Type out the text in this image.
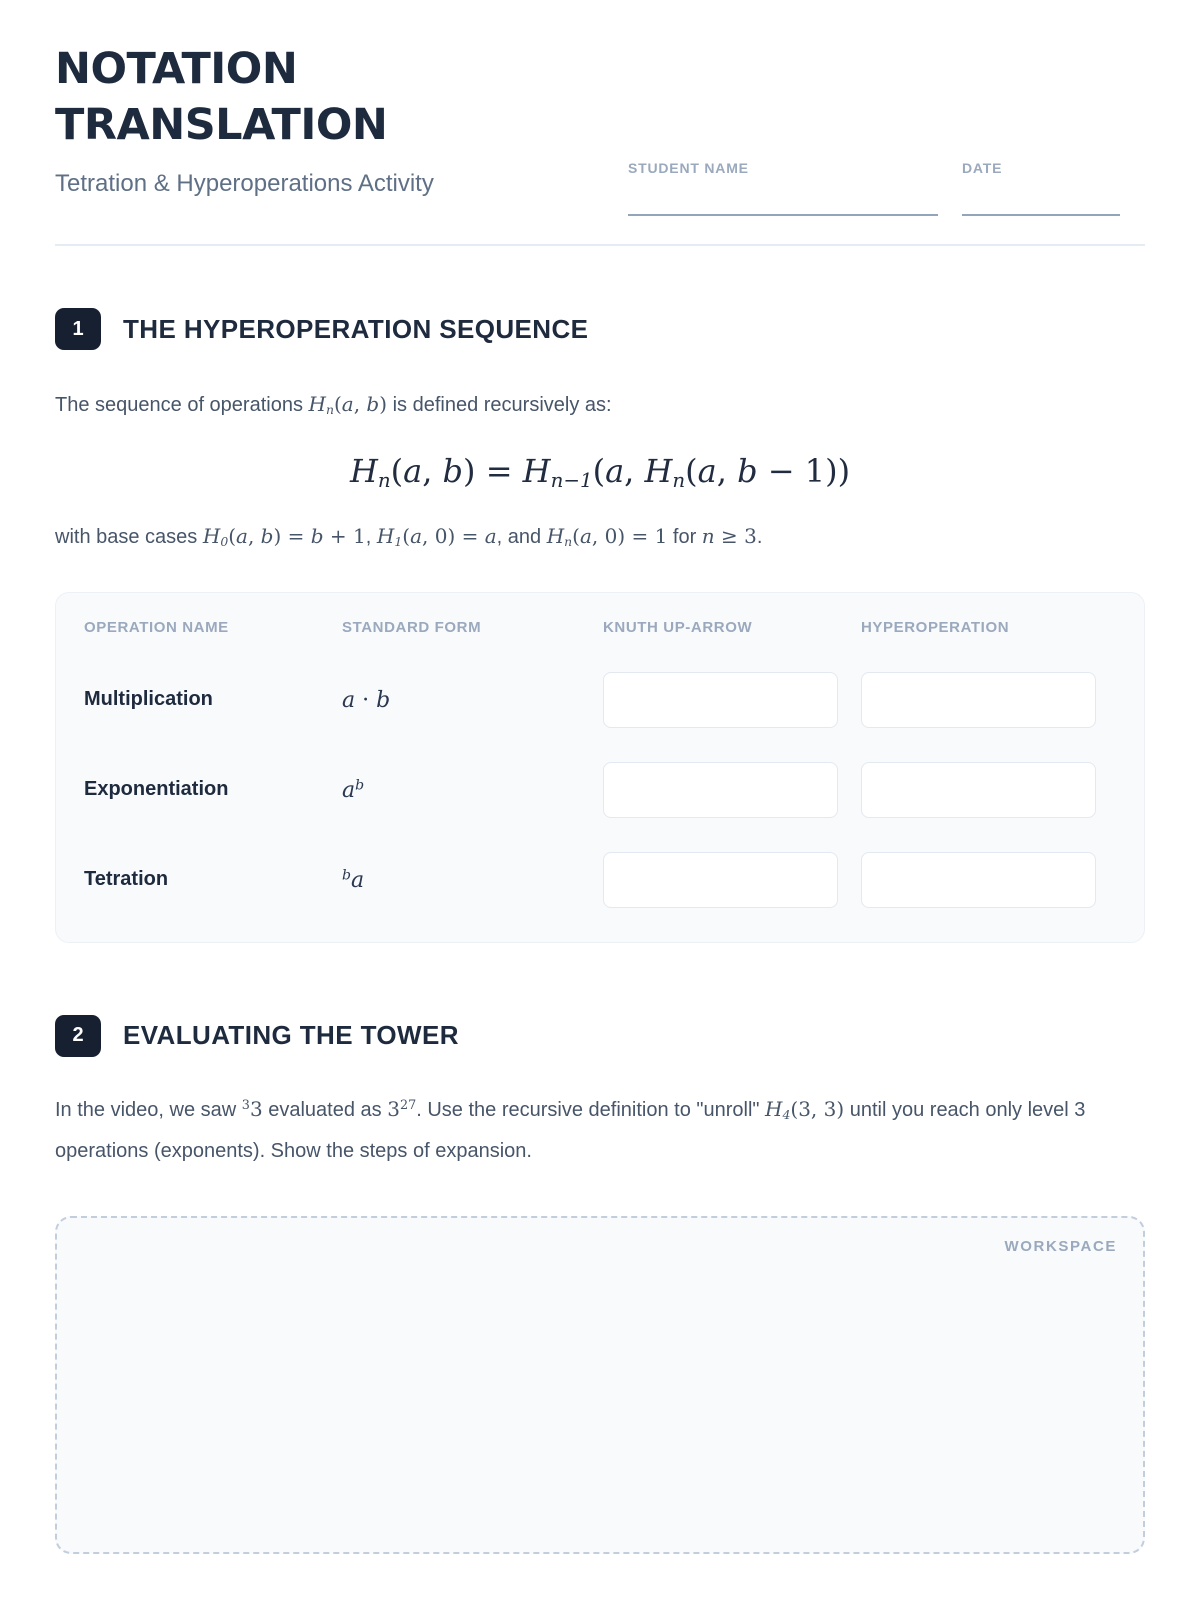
NOTATION TRANSLATION
Tetration & Hyperoperations Activity
STUDENT NAME	DATE
1	THE HYPEROPERATION SEQUENCE

The sequence of operations Hn(a, b) is defined recursively as:

Hn(a, b) = Hn−1(a, Hn(a, b − 1))

with base cases H0(a, b) = b + 1, H1(a, 0) = a, and Hn(a, 0) = 1 for n ≥ 3.

OPERATION NAME	STANDARD FORM	KNUTH UP-ARROW	HYPEROPERATION
Multiplication	a · b
Exponentiation	$a^b$
Tetration	$^b$a
2	EVALUATING THE TOWER

In the video, we saw $^3$3 evaluated as $3^{27}$. Use the recursive definition to "unroll" H4(3, 3) until you reach only level 3 operations (exponents). Show the steps of expansion.

WORKSPACE
